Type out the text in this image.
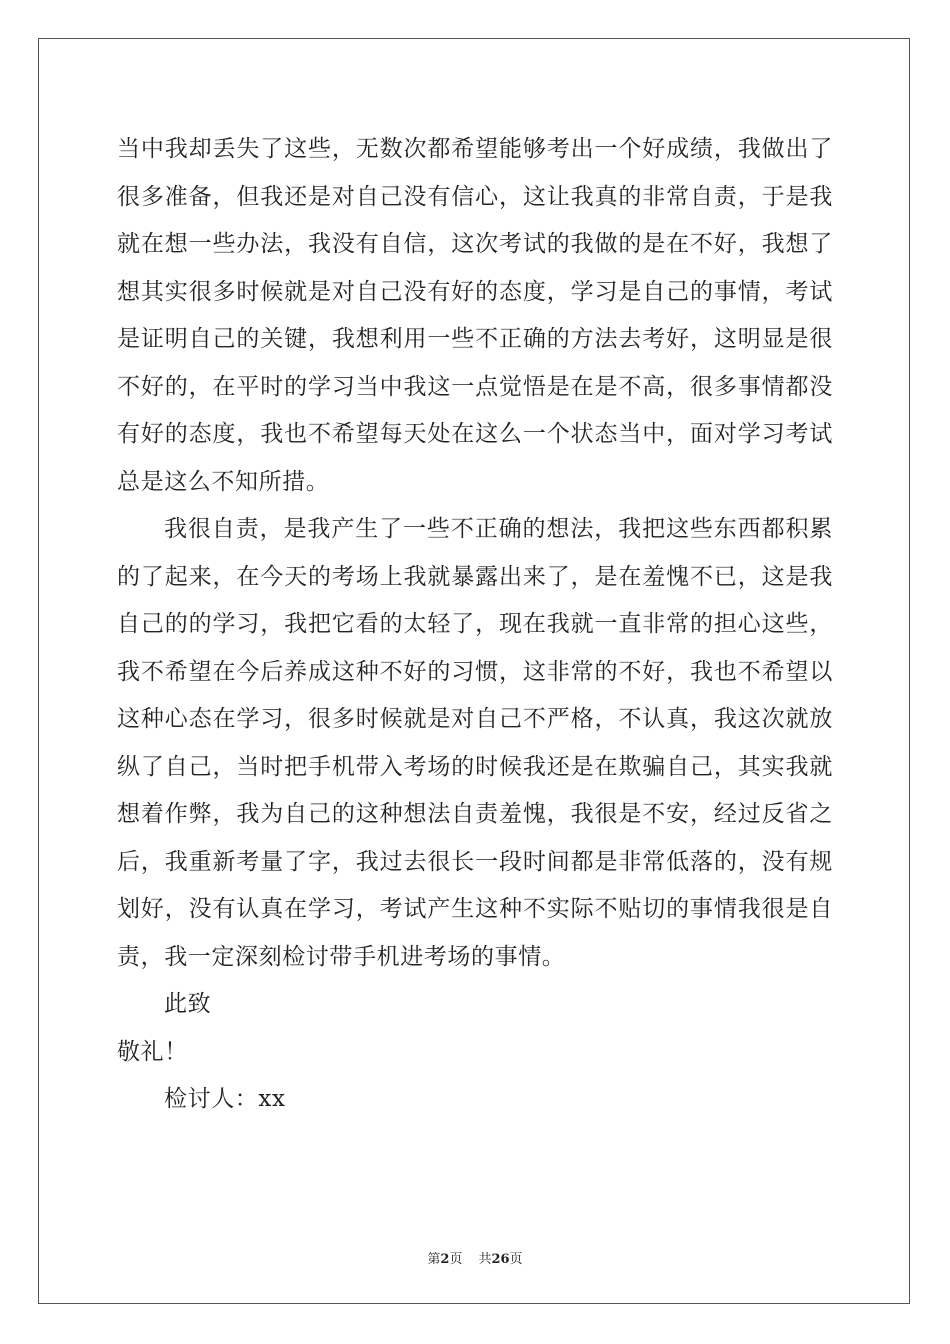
当中我却丢失了这些，无数次都希望能够考出一个好成绩，我做出了很多准备，但我还是对自己没有信心，这让我真的非常自责，于是我就在想一些办法，我没有自信，这次考试的我做的是在不好，我想了想其实很多时候就是对自己没有好的态度，学习是自己的事情，考试是证明自己的关键，我想利用一些不正确的方法去考好，这明显是很不好的，在平时的学习当中我这一点觉悟是在是不高，很多事情都没有好的态度，我也不希望每天处在这么一个状态当中，面对学习考试总是这么不知所措。

我很自责，是我产生了一些不正确的想法，我把这些东西都积累的了起来，在今天的考场上我就暴露出来了，是在羞愧不已，这是我自己的的学习，我把它看的太轻了，现在我就一直非常的担心这些，我不希望在今后养成这种不好的习惯，这非常的不好，我也不希望以这种心态在学习，很多时候就是对自己不严格，不认真，我这次就放纵了自己，当时把手机带入考场的时候我还是在欺骗自己，其实我就想着作弊，我为自己的这种想法自责羞愧，我很是不安，经过反省之后，我重新考量了字，我过去很长一段时间都是非常低落的，没有规划好，没有认真在学习，考试产生这种不实际不贴切的事情我很是自责，我一定深刻检讨带手机进考场的事情。

此致

敬礼！

检讨人：xx

第2页 共26页
